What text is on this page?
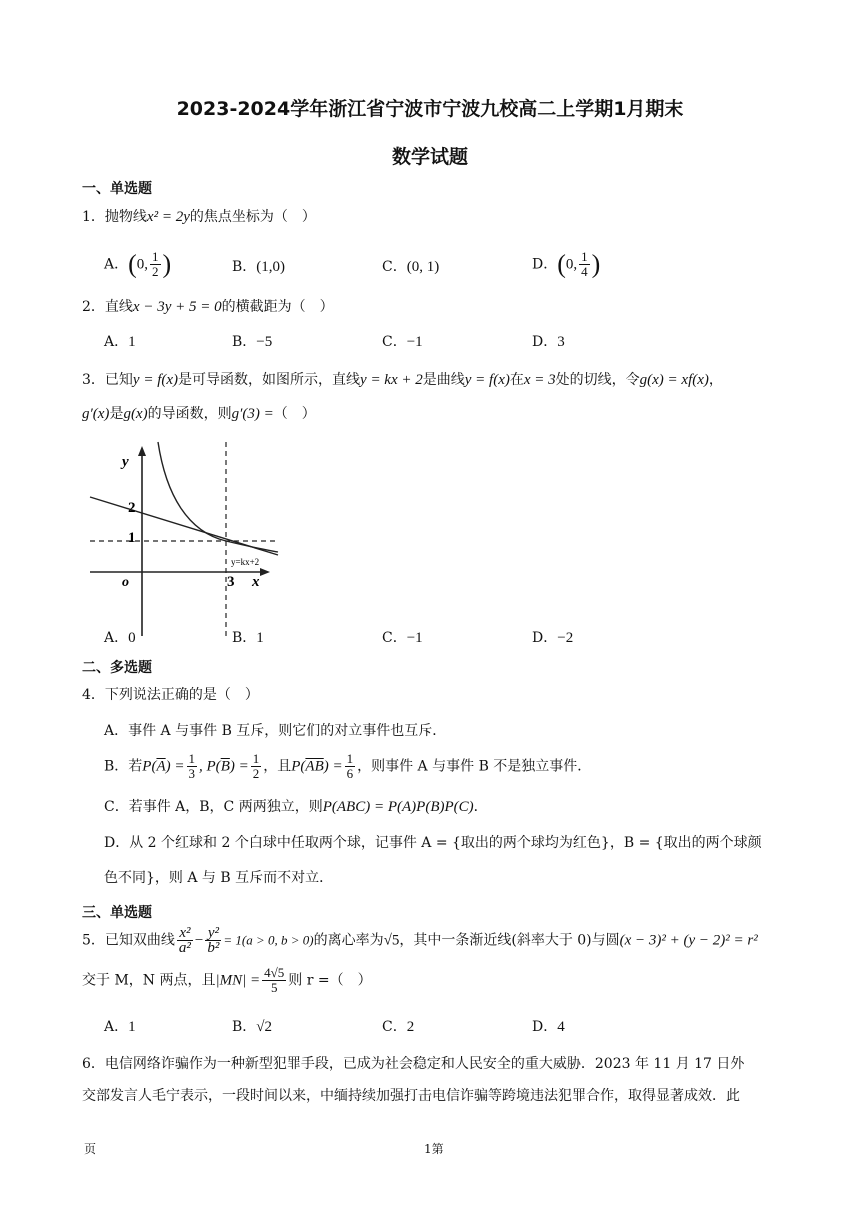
2023-2024学年浙江省宁波市宁波九校高二上学期1月期末
数学试题
一、单选题
1．抛物线x² = 2y的焦点坐标为（　）
A．(0, $\frac{1}{2}$ )	B．(1,0)	C．(0, 1)	D．(0, $\frac{1}{4}$ )
2．直线x − 3y + 5 = 0的横截距为（　）
A．1	B．−5	C．−1	D．3
3．已知y = f(x)是可导函数，如图所示，直线y = kx + 2是曲线y = f(x)在x = 3处的切线，令g(x) = xf(x)，
g′(x)是g(x)的导函数，则g′(3) =（　）
y
x
o
2
1
3
y=kx+2
A．0	B．1	C．−1	D．−2
二、多选题
4．下列说法正确的是（　）
A．事件 A 与事件 B 互斥，则它们的对立事件也互斥．
B．若$P(\overline{A}) = \frac{1}{3}$ , $P(\overline{B}) = \frac{1}{2}$ ，且$P(\overline{AB}) = \frac{1}{6}$ ，则事件 A 与事件 B 不是独立事件．
C．若事件 A，B，C 两两独立，则P(ABC) = P(A)P(B)P(C)．
D．从 2 个红球和 2 个白球中任取两个球，记事件 A = {取出的两个球均为红色}，B = {取出的两个球颜
色不同}，则 A 与 B 互斥而不对立．
三、单选题
5．已知双曲线 $\frac{\text{x²}}{\text{a²}} - \frac{\text{y²}}{\text{b²}} = 1(a > 0$, b > 0)的离心率为√5，其中一条渐近线(斜率大于 0)与圆(x − 3)² + (y − 2)² = r²
交于 M，N 两点，且$|MN| = \frac{4√5}{5}$ 则 r =（　）
A．1	B．√2	C．2	D．4
6．电信网络诈骗作为一种新型犯罪手段，已成为社会稳定和人民安全的重大威胁．2023 年 11 月 17 日外
交部发言人毛宁表示，一段时间以来，中缅持续加强打击电信诈骗等跨境违法犯罪合作，取得显著成效．此
页	1第
